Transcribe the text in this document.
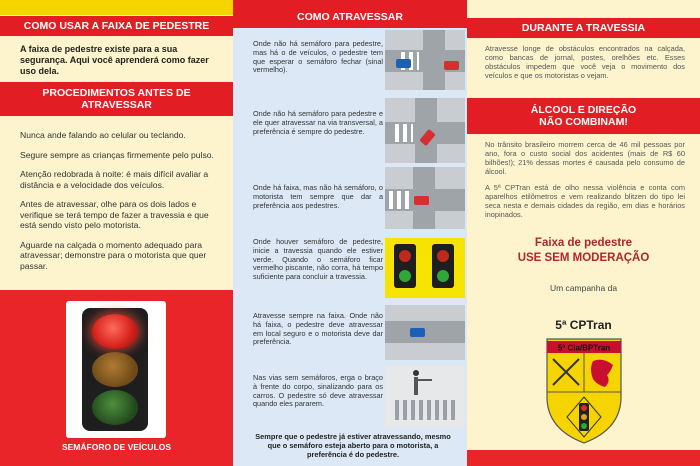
COMO USAR A FAIXA DE PEDESTRE
A faixa de pedestre existe para a sua segurança. Aqui você aprenderá como fazer uso dela.
PROCEDIMENTOS ANTES DE
ATRAVESSAR
Nunca ande falando ao celular ou teclando.
Segure sempre as crianças firmemente pelo pulso.
Atenção redobrada à noite: é mais difícil avaliar a distância e a velocidade dos veículos.
Antes de atravessar, olhe para os dois lados e verifique se terá tempo de fazer a travessia e que está sendo visto pelo motorista.
Aguarde na calçada o momento adequado para atravessar; demonstre para o motorista que quer passar.
SEMÁFORO DE VEÍCULOS
COMO ATRAVESSAR
Onde não há semáforo para pedestre, mas há o de veículos, o pedestre tem que esperar o semáforo fechar (sinal vermelho).
Onde não há semáforo para pedestre e ele quer atravessar na via transversal, a preferência é sempre do pedestre.
Onde há faixa, mas não há semáforo, o motorista tem sempre que dar a preferência aos pedestres.
Onde houver semáforo de pedestre, inicie a travessia quando ele estiver verde. Quando o semáforo ficar vermelho piscante, não corra, há tempo suficiente para concluir a travessia.
Atravesse sempre na faixa. Onde não há faixa, o pedestre deve atravessar em local seguro e o motorista deve dar preferência.
Nas vias sem semáforos, erga o braço à frente do corpo, sinalizando para os carros. O pedestre só deve atravessar quando eles pararem.
Sempre que o pedestre já estiver atravessando, mesmo que o semáforo esteja aberto para o motorista, a preferência é do pedestre.
DURANTE A TRAVESSIA
Atravesse longe de obstáculos encontrados na calçada, como bancas de jornal, postes, orelhões etc. Esses obstáculos impedem que você veja o movimento dos veículos e que os motoristas o vejam.
ÁLCOOL E DIREÇÃO
NÃO COMBINAM!
No trânsito brasileiro morrem cerca de 46 mil pessoas por ano, fora o custo social dos acidentes (mais de R$ 60 bilhões!); 21% dessas mortes é causada pelo consumo de álcool.
A 5ª CPTran está de olho nessa violência e conta com aparelhos etilômetros e vem realizando blitzen do tipo lei seca nesta e demais cidades da região, em dias e horários inopinados.
Faixa de pedestre
USE SEM MODERAÇÃO
Um campanha da
5ª CPTran
5ª Cia/BPTran
